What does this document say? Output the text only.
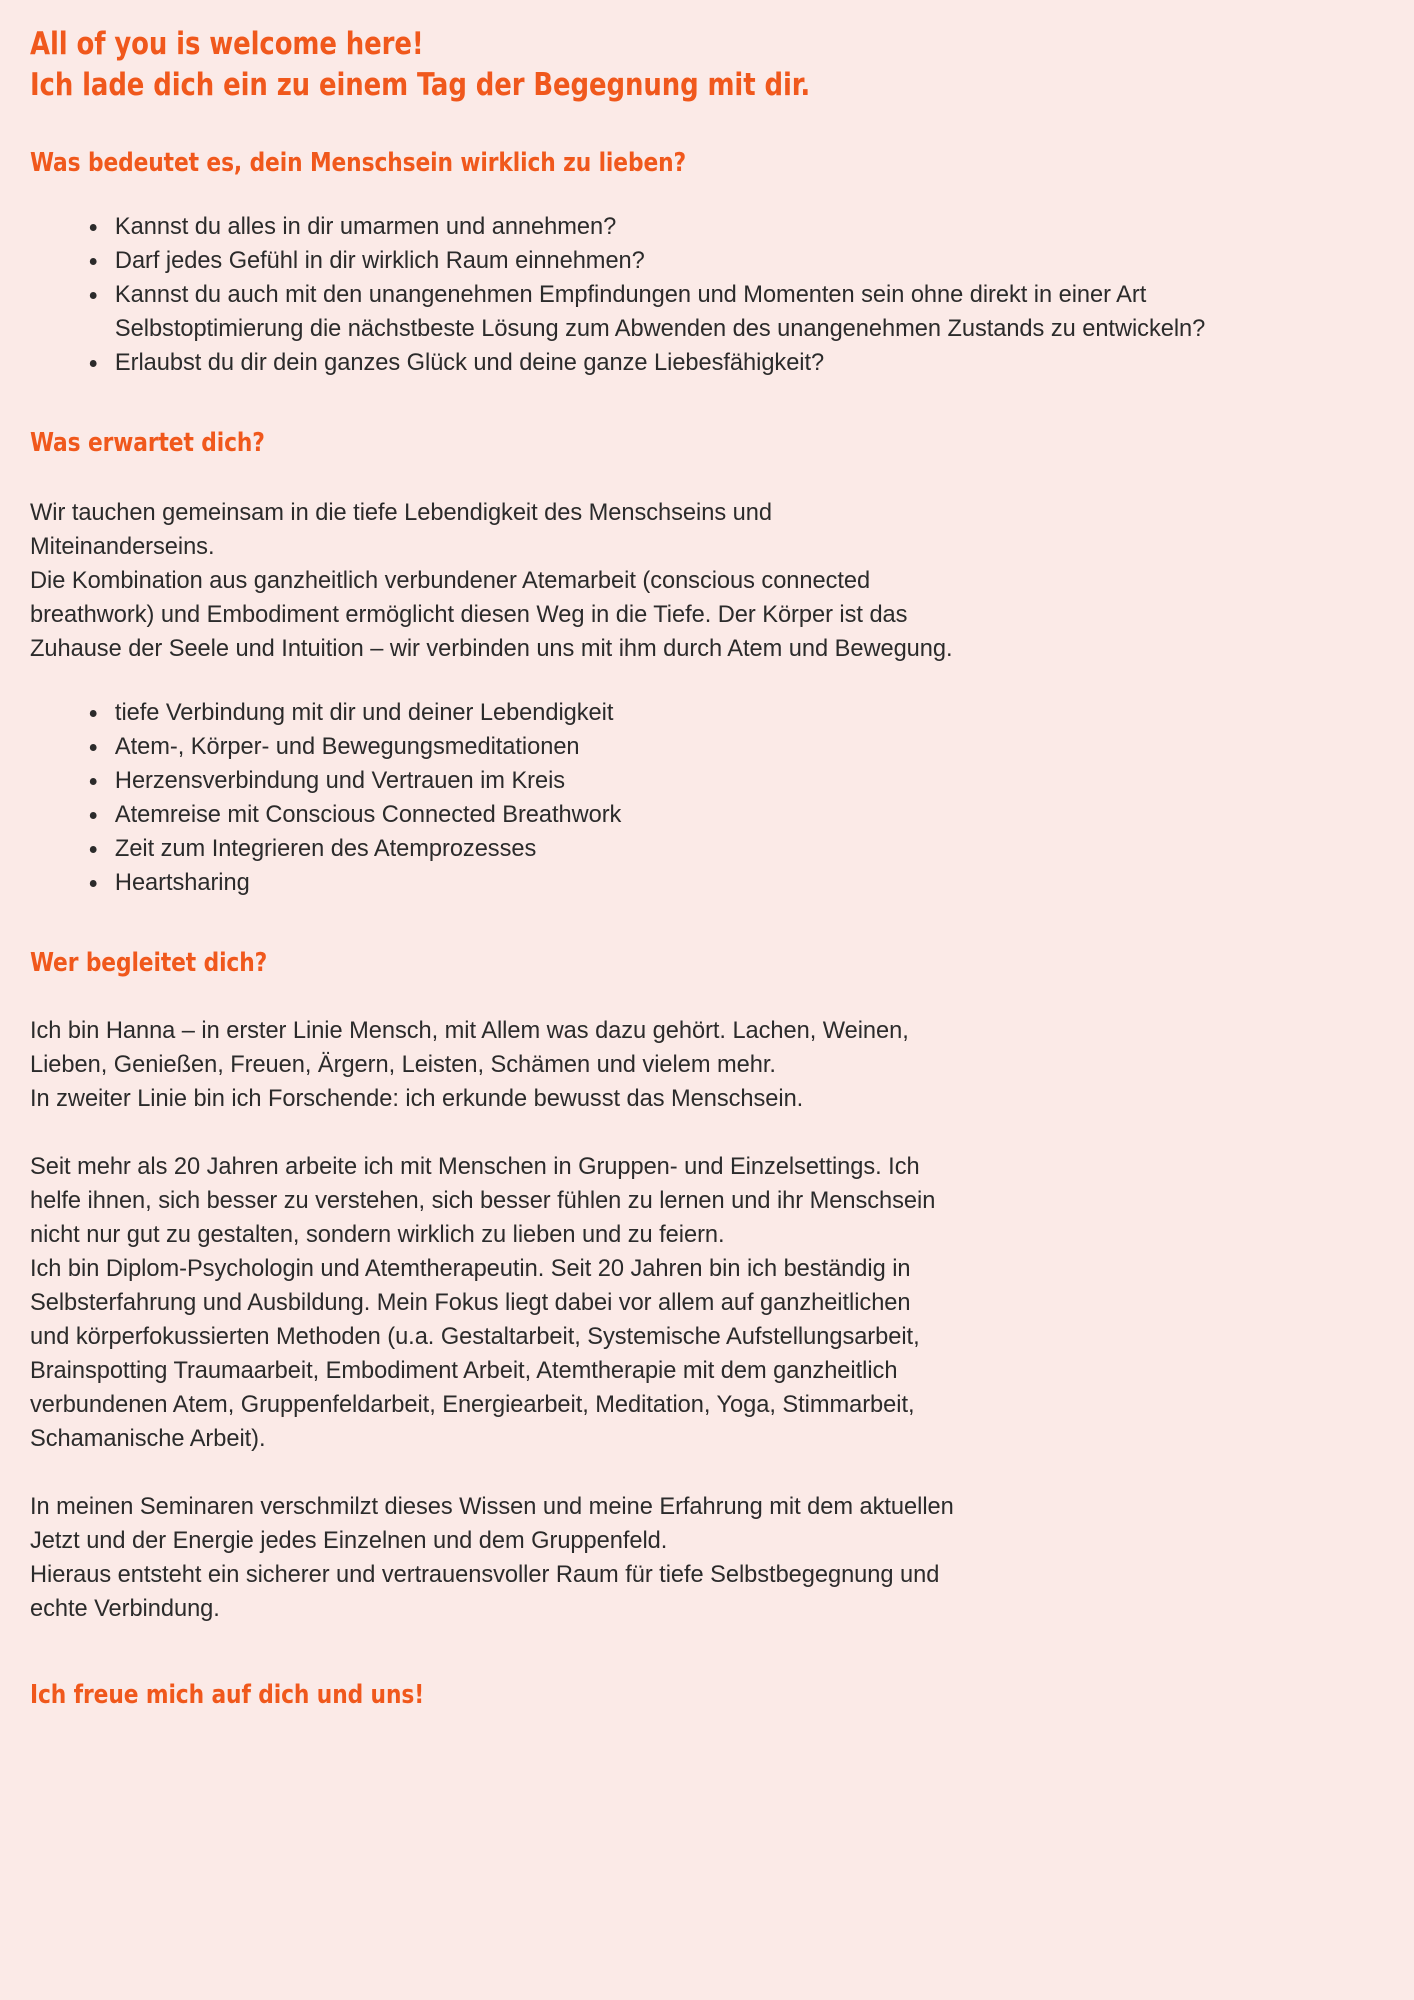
All of you is welcome here!
Ich lade dich ein zu einem Tag der Begegnung mit dir.
Was bedeutet es, dein Menschsein wirklich zu lieben?
Kannst du alles in dir umarmen und annehmen?
Darf jedes Gefühl in dir wirklich Raum einnehmen?
Kannst du auch mit den unangenehmen Empfindungen und Momenten sein ohne direkt in einer Art Selbstoptimierung die nächstbeste Lösung zum Abwenden des unangenehmen Zustands zu entwickeln?
Erlaubst du dir dein ganzes Glück und deine ganze Liebesfähigkeit?
Was erwartet dich?

Wir tauchen gemeinsam in die tiefe Lebendigkeit des Menschseins und
Miteinanderseins.
Die Kombination aus ganzheitlich verbundener Atemarbeit (conscious connected
breathwork) und Embodiment ermöglicht diesen Weg in die Tiefe. Der Körper ist das
Zuhause der Seele und Intuition – wir verbinden uns mit ihm durch Atem und Bewegung.

tiefe Verbindung mit dir und deiner Lebendigkeit
Atem-, Körper- und Bewegungsmeditationen
Herzensverbindung und Vertrauen im Kreis
Atemreise mit Conscious Connected Breathwork
Zeit zum Integrieren des Atemprozesses
Heartsharing
Wer begleitet dich?

Ich bin Hanna – in erster Linie Mensch, mit Allem was dazu gehört. Lachen, Weinen,
Lieben, Genießen, Freuen, Ärgern, Leisten, Schämen und vielem mehr.
In zweiter Linie bin ich Forschende: ich erkunde bewusst das Menschsein.

Seit mehr als 20 Jahren arbeite ich mit Menschen in Gruppen- und Einzelsettings. Ich
helfe ihnen, sich besser zu verstehen, sich besser fühlen zu lernen und ihr Menschsein
nicht nur gut zu gestalten, sondern wirklich zu lieben und zu feiern.
Ich bin Diplom-Psychologin und Atemtherapeutin. Seit 20 Jahren bin ich beständig in
Selbsterfahrung und Ausbildung. Mein Fokus liegt dabei vor allem auf ganzheitlichen
und körperfokussierten Methoden (u.a. Gestaltarbeit, Systemische Aufstellungsarbeit,
Brainspotting Traumaarbeit, Embodiment Arbeit, Atemtherapie mit dem ganzheitlich
verbundenen Atem, Gruppenfeldarbeit, Energiearbeit, Meditation, Yoga, Stimmarbeit,
Schamanische Arbeit).

In meinen Seminaren verschmilzt dieses Wissen und meine Erfahrung mit dem aktuellen
Jetzt und der Energie jedes Einzelnen und dem Gruppenfeld.
Hieraus entsteht ein sicherer und vertrauensvoller Raum für tiefe Selbstbegegnung und
echte Verbindung.

Ich freue mich auf dich und uns!
